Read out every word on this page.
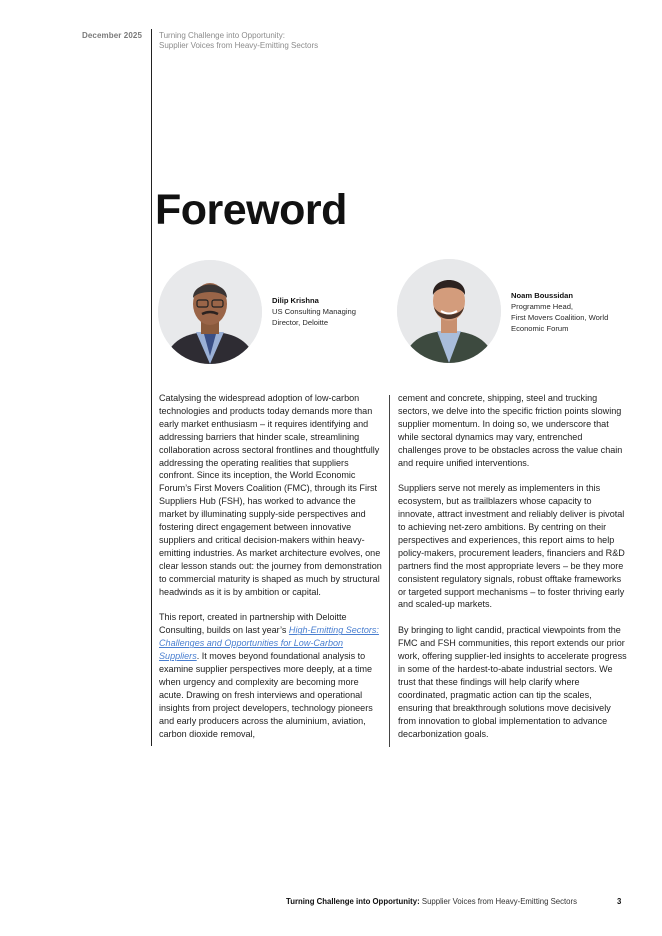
December 2025 Turning Challenge into Opportunity:
Supplier Voices from Heavy-Emitting Sectors
Foreword
Dilip Krishna
US Consulting Managing
Director, Deloitte
Noam Boussidan
Programme Head,
First Movers Coalition, World
Economic Forum

Catalysing the widespread adoption of low-carbon technologies and products today demands more than early market enthusiasm – it requires identifying and addressing barriers that hinder scale, streamlining collaboration across sectoral frontlines and thoughtfully addressing the operating realities that suppliers confront. Since its inception, the World Economic Forum’s First Movers Coalition (FMC), through its First Suppliers Hub (FSH), has worked to advance the market by illuminating supply-side perspectives and fostering direct engagement between innovative suppliers and critical decision-makers within heavy-emitting industries. As market architecture evolves, one clear lesson stands out: the journey from demonstration to commercial maturity is shaped as much by structural headwinds as it is by ambition or capital.

This report, created in partnership with Deloitte Consulting, builds on last year’s High-Emitting Sectors: Challenges and Opportunities for Low-Carbon Suppliers. It moves beyond foundational analysis to examine supplier perspectives more deeply, at a time when urgency and complexity are becoming more acute. Drawing on fresh interviews and operational insights from project developers, technology pioneers and early producers across the aluminium, aviation, carbon dioxide removal,

cement and concrete, shipping, steel and trucking sectors, we delve into the specific friction points slowing supplier momentum. In doing so, we underscore that while sectoral dynamics may vary, entrenched challenges prove to be obstacles across the value chain and require unified interventions.

Suppliers serve not merely as implementers in this ecosystem, but as trailblazers whose capacity to innovate, attract investment and reliably deliver is pivotal to achieving net-zero ambitions. By centring on their perspectives and experiences, this report aims to help policy-makers, procurement leaders, financiers and R&D partners find the most appropriate levers – be they more consistent regulatory signals, robust offtake frameworks or targeted support mechanisms – to foster thriving early and scaled-up markets.

By bringing to light candid, practical viewpoints from the FMC and FSH communities, this report extends our prior work, offering supplier-led insights to accelerate progress in some of the hardest-to-abate industrial sectors. We trust that these findings will help clarify where coordinated, pragmatic action can tip the scales, ensuring that breakthrough solutions move decisively from innovation to global implementation to advance decarbonization goals.

Turning Challenge into Opportunity: Supplier Voices from Heavy-Emitting Sectors	3
